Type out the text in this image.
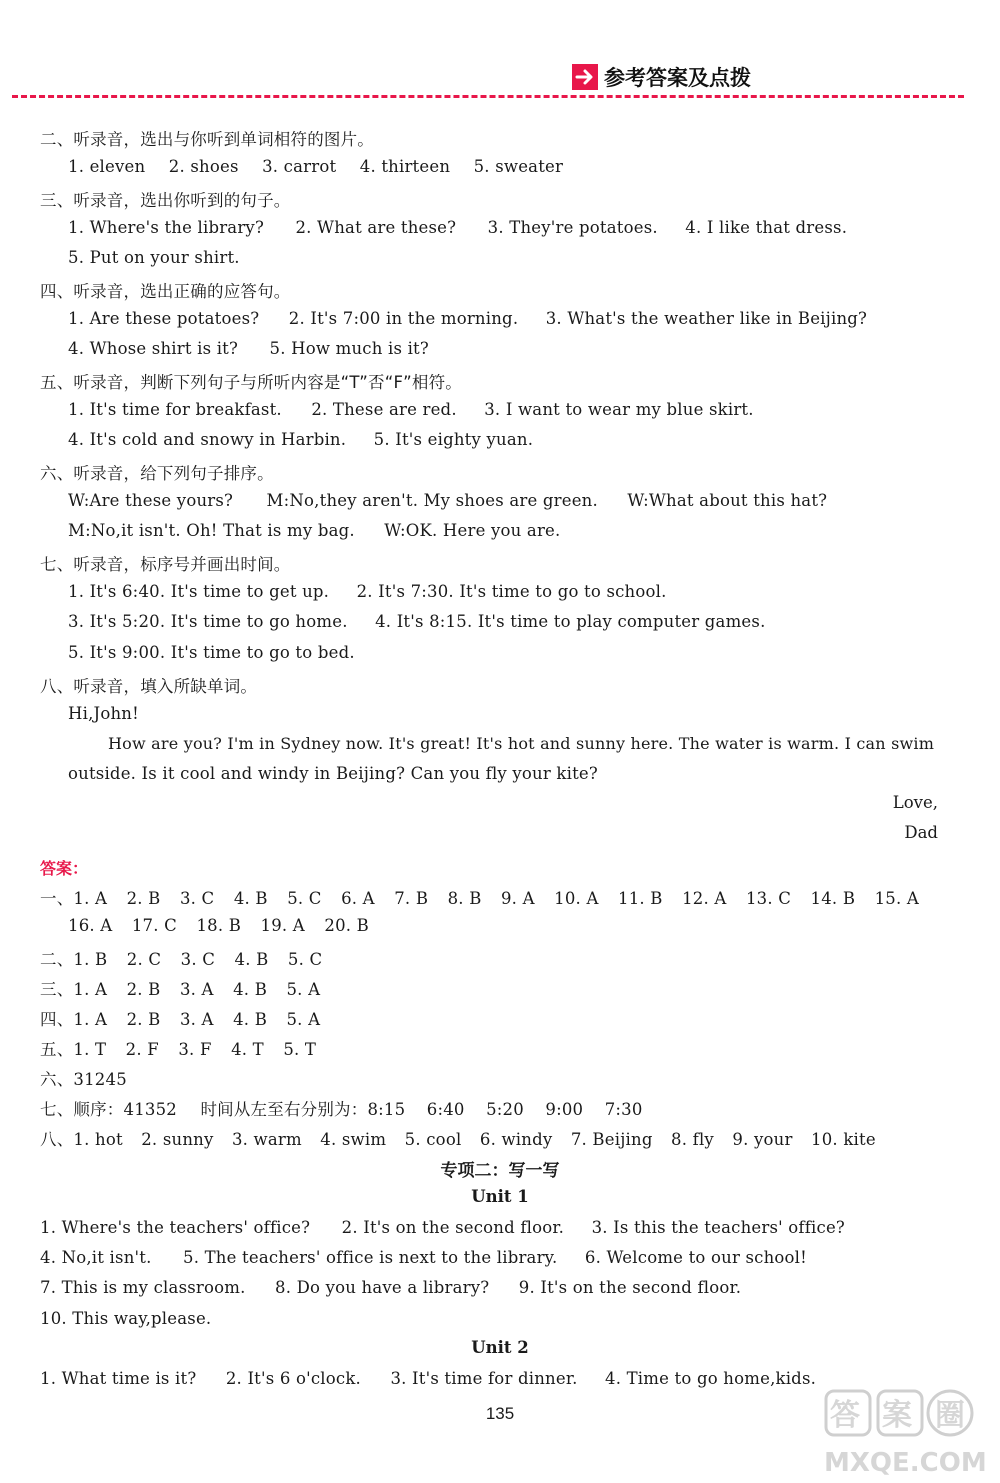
参考答案及点拨
二、听录音，选出与你听到单词相符的图片。
1. eleven 2. shoes 3. carrot 4. thirteen 5. sweater
三、听录音，选出你听到的句子。
1. Where's the library? 2. What are these? 3. They're potatoes. 4. I like that dress.
5. Put on your shirt.
四、听录音，选出正确的应答句。
1. Are these potatoes? 2. It's 7:00 in the morning. 3. What's the weather like in Beijing?
4. Whose shirt is it? 5. How much is it?
五、听录音，判断下列句子与所听内容是“T”否“F”相符。
1. It's time for breakfast. 2. These are red. 3. I want to wear my blue skirt.
4. It's cold and snowy in Harbin. 5. It's eighty yuan.
六、听录音，给下列句子排序。
W:Are these yours? M:No,they aren't. My shoes are green. W:What about this hat?
M:No,it isn't. Oh! That is my bag. W:OK. Here you are.
七、听录音，标序号并画出时间。
1. It's 6:40. It's time to get up. 2. It's 7:30. It's time to go to school.
3. It's 5:20. It's time to go home. 4. It's 8:15. It's time to play computer games.
5. It's 9:00. It's time to go to bed.
八、听录音，填入所缺单词。
Hi,John!
How are you? I'm in Sydney now. It's great! It's hot and sunny here. The water is warm. I can swim
outside. Is it cool and windy in Beijing? Can you fly your kite?
Love,
Dad
答案：
一、1. A 2. B 3. C 4. B 5. C 6. A 7. B 8. B 9. A 10. A 11. B 12. A 13. C 14. B 15. A
16. A 17. C 18. B 19. A 20. B
二、1. B 2. C 3. C 4. B 5. C
三、1. A 2. B 3. A 4. B 5. A
四、1. A 2. B 3. A 4. B 5. A
五、1. T 2. F 3. F 4. T 5. T
六、31245
七、顺序：41352 时间从左至右分别为：8:15 6:40 5:20 9:00 7:30
八、1. hot 2. sunny 3. warm 4. swim 5. cool 6. windy 7. Beijing 8. fly 9. your 10. kite
专项二：写一写
Unit 1
1. Where's the teachers' office? 2. It's on the second floor. 3. Is this the teachers' office?
4. No,it isn't. 5. The teachers' office is next to the library. 6. Welcome to our school!
7. This is my classroom. 8. Do you have a library? 9. It's on the second floor.
10. This way,please.
Unit 2
1. What time is it? 2. It's 6 o'clock. 3. It's time for dinner. 4. Time to go home,kids.
135	答 案 圈
MXQE.COM
